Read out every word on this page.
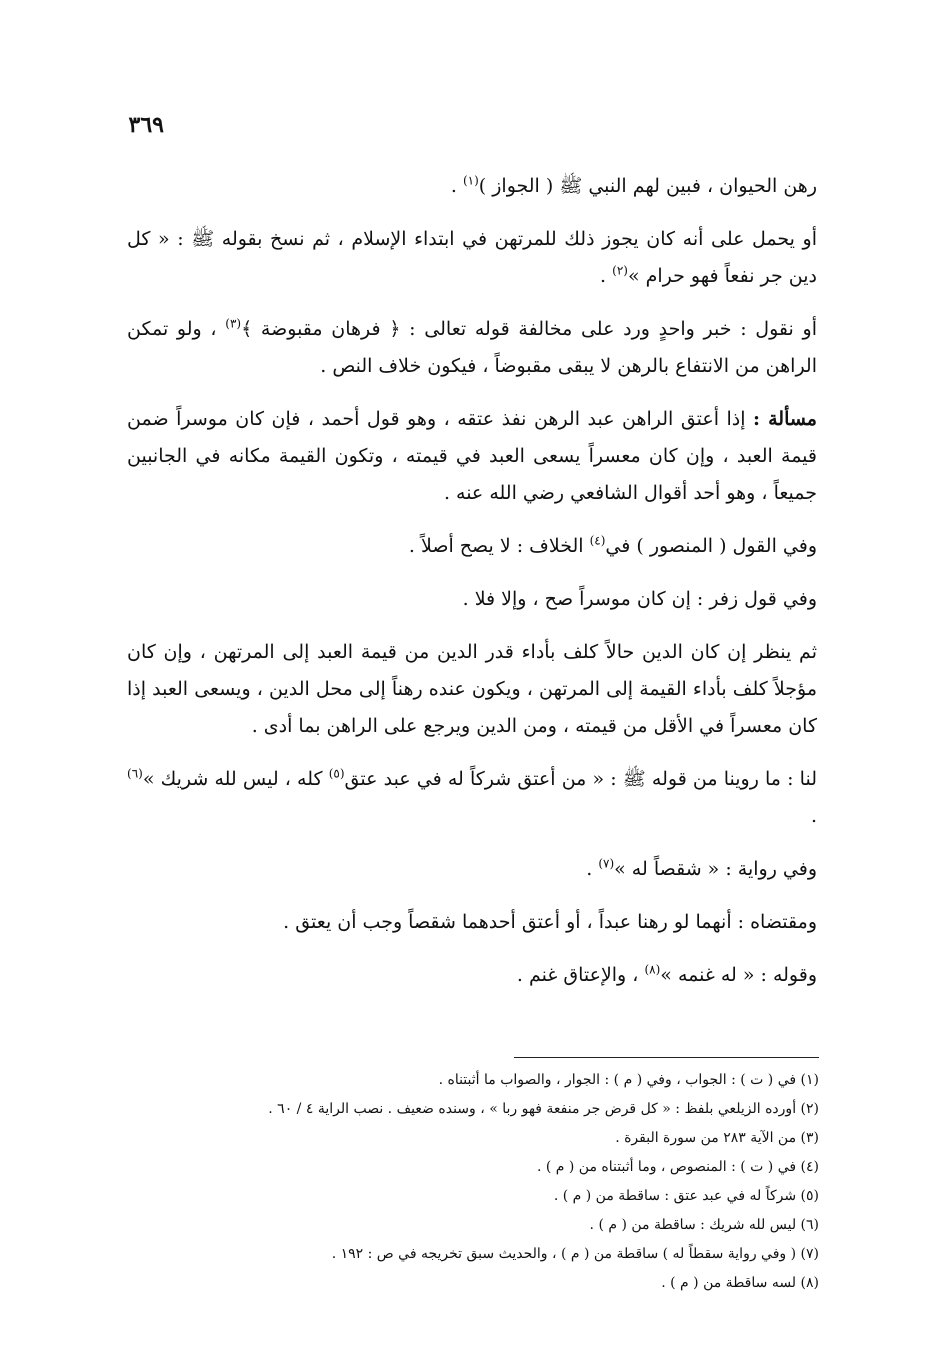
٣٦٩

رهن الحيوان ، فبين لهم النبي ﷺ ( الجواز )$^{(١)}$ .

أو يحمل على أنه كان يجوز ذلك للمرتهن في ابتداء الإسلام ، ثم نسخ بقوله ﷺ : « كل دين جر نفعاً فهو حرام »$^{(٢)}$ .

أو نقول : خبر واحدٍ ورد على مخالفة قوله تعالى : ﴿ فرهان مقبوضة ﴾$^{(٣)}$ ، ولو تمكن الراهن من الانتفاع بالرهن لا يبقى مقبوضاً ، فيكون خلاف النص .

مسألة : إذا أعتق الراهن عبد الرهن نفذ عتقه ، وهو قول أحمد ، فإن كان موسراً ضمن قيمة العبد ، وإن كان معسراً يسعى العبد في قيمته ، وتكون القيمة مكانه في الجانبين جميعاً ، وهو أحد أقوال الشافعي رضي الله عنه .

وفي القول ( المنصور ) في$^{(٤)}$ الخلاف : لا يصح أصلاً .

وفي قول زفر : إن كان موسراً صح ، وإلا فلا .

ثم ينظر إن كان الدين حالاً كلف بأداء قدر الدين من قيمة العبد إلى المرتهن ، وإن كان مؤجلاً كلف بأداء القيمة إلى المرتهن ، ويكون عنده رهناً إلى محل الدين ، ويسعى العبد إذا كان معسراً في الأقل من قيمته ، ومن الدين ويرجع على الراهن بما أدى .

لنا : ما روينا من قوله ﷺ : « من أعتق شركاً له في عبد عتق$^{(٥)}$ كله ، ليس لله شريك »$^{(٦)}$ .

وفي رواية : « شقصاً له »$^{(٧)}$ .

ومقتضاه : أنهما لو رهنا عبداً ، أو أعتق أحدهما شقصاً وجب أن يعتق .

وقوله : « له غنمه »$^{(٨)}$ ، والإعتاق غنم .

(١) في ( ت ) : الجواب ، وفي ( م ) : الجوار ، والصواب ما أثبتناه .

(٢) أورده الزيلعي بلفظ : « كل قرض جر منفعة فهو ربا » ، وسنده ضعيف . نصب الراية ٤ / ٦٠ .

(٣) من الآية ٢٨٣ من سورة البقرة .

(٤) في ( ت ) : المنصوص ، وما أثبتناه من ( م ) .

(٥) شركاً له في عبد عتق : ساقطة من ( م ) .

(٦) ليس لله شريك : ساقطة من ( م ) .

(٧) ( وفي رواية سقطاً له ) ساقطة من ( م ) ، والحديث سبق تخريجه في ص : ١٩٢ .

(٨) لسه ساقطة من ( م ) .
